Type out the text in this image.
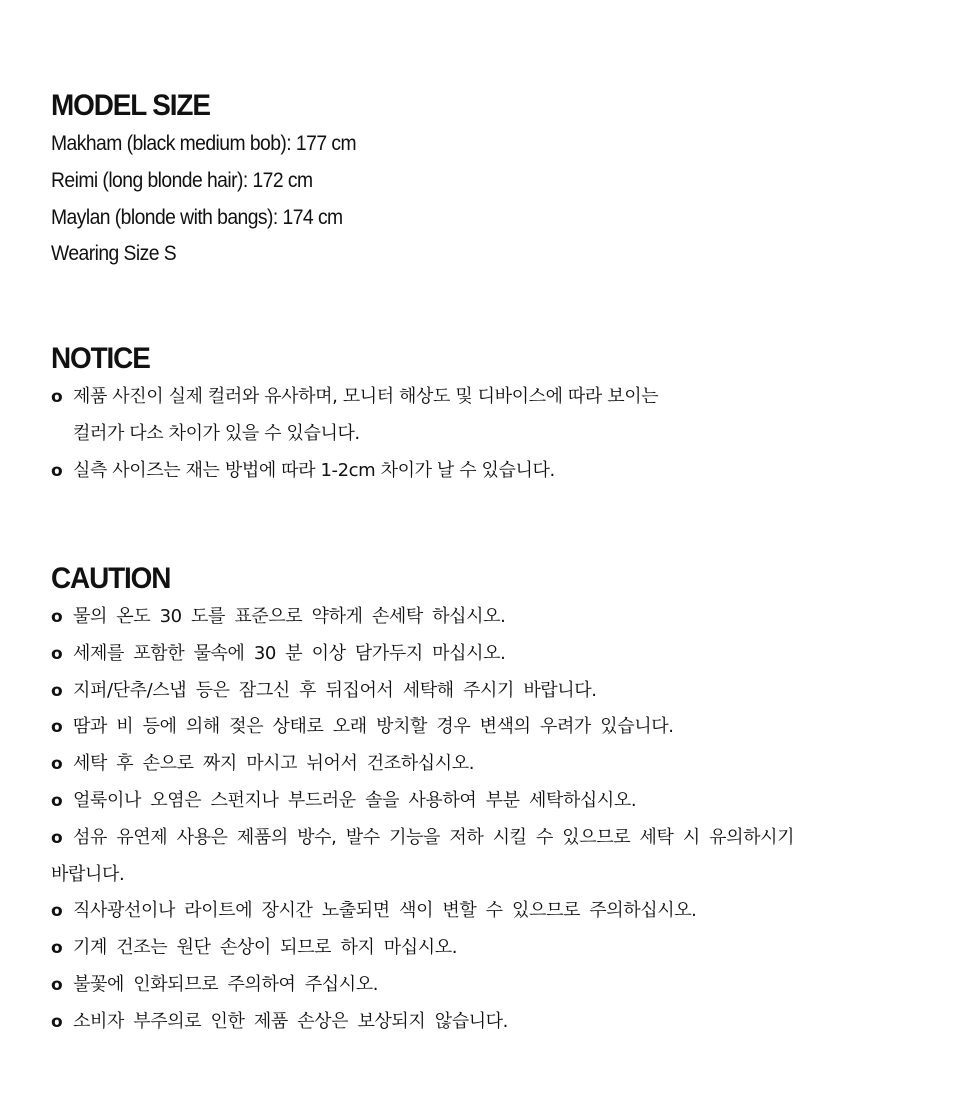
MODEL SIZE
Makham (black medium bob): 177 cm
Reimi (long blonde hair): 172 cm
Maylan (blonde with bangs): 174 cm
Wearing Size S
NOTICE
o 제품 사진이 실제 컬러와 유사하며, 모니터 해상도 및 디바이스에 따라 보이는
컬러가 다소 차이가 있을 수 있습니다.
o 실측 사이즈는 재는 방법에 따라 1-2cm 차이가 날 수 있습니다.
CAUTION
o 물의 온도 30 도를 표준으로 약하게 손세탁 하십시오.
o 세제를 포함한 물속에 30 분 이상 담가두지 마십시오.
o 지퍼/단추/스냅 등은 잠그신 후 뒤집어서 세탁해 주시기 바랍니다.
o 땀과 비 등에 의해 젖은 상태로 오래 방치할 경우 변색의 우려가 있습니다.
o 세탁 후 손으로 짜지 마시고 뉘어서 건조하십시오.
o 얼룩이나 오염은 스펀지나 부드러운 솔을 사용하여 부분 세탁하십시오.
o 섬유 유연제 사용은 제품의 방수, 발수 기능을 저하 시킬 수 있으므로 세탁 시 유의하시기
바랍니다.
o 직사광선이나 라이트에 장시간 노출되면 색이 변할 수 있으므로 주의하십시오.
o 기계 건조는 원단 손상이 되므로 하지 마십시오.
o 불꽃에 인화되므로 주의하여 주십시오.
o 소비자 부주의로 인한 제품 손상은 보상되지 않습니다.
